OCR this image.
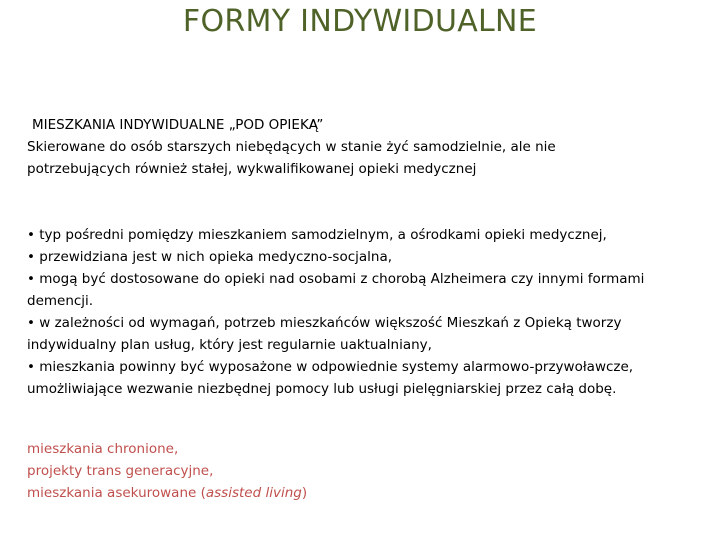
FORMY INDYWIDUALNE
MIESZKANIA INDYWIDUALNE „POD OPIEKĄ”
Skierowane do osób starszych niebędących w stanie żyć samodzielnie, ale nie
potrzebujących również stałej, wykwalifikowanej opieki medycznej
• typ pośredni pomiędzy mieszkaniem samodzielnym, a ośrodkami opieki medycznej,
• przewidziana jest w nich opieka medyczno-socjalna,
• mogą być dostosowane do opieki nad osobami z chorobą Alzheimera czy innymi formami
demencji.
• w zależności od wymagań, potrzeb mieszkańców większość Mieszkań z Opieką tworzy
indywidualny plan usług, który jest regularnie uaktualniany,
• mieszkania powinny być wyposażone w odpowiednie systemy alarmowo-przywoławcze,
umożliwiające wezwanie niezbędnej pomocy lub usługi pielęgniarskiej przez całą dobę.
mieszkania chronione,
projekty trans generacyjne,
mieszkania asekurowane (assisted living)
